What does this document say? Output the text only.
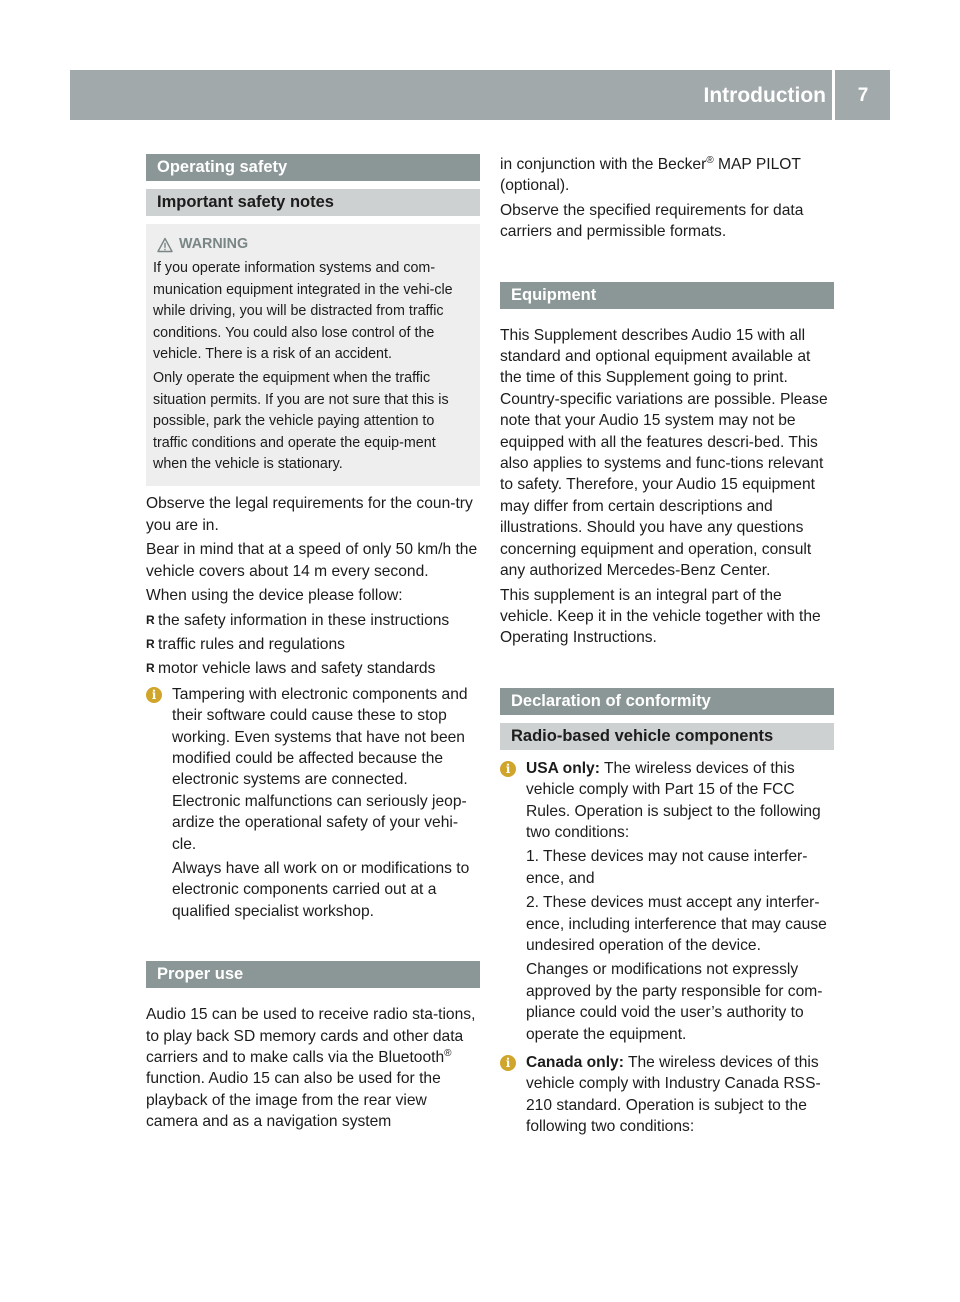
Introduction	7
Operating safety
Important safety notes
WARNING

If you operate information systems and com-munication equipment integrated in the vehi-cle while driving, you will be distracted from traffic conditions. You could also lose control of the vehicle. There is a risk of an accident.

Only operate the equipment when the traffic situation permits. If you are not sure that this is possible, park the vehicle paying attention to traffic conditions and operate the equip-ment when the vehicle is stationary.

Observe the legal requirements for the coun-try you are in.

Bear in mind that at a speed of only 50 km/h the vehicle covers about 14 m every second.

When using the device please follow:

R the safety information in these instructions
R traffic rules and regulations
R motor vehicle laws and safety standards
i	Tampering with electronic components and their software could cause these to stop working. Even systems that have not been modified could be affected because the electronic systems are connected. Electronic malfunctions can seriously jeop-ardize the operational safety of your vehi-cle.

Always have all work on or modifications to electronic components carried out at a qualified specialist workshop.

Proper use

Audio 15 can be used to receive radio sta-tions, to play back SD memory cards and other data carriers and to make calls via the Bluetooth® function. Audio 15 can also be used for the playback of the image from the rear view camera and as a navigation system

in conjunction with the Becker® MAP PILOT (optional).

Observe the specified requirements for data carriers and permissible formats.

Equipment

This Supplement describes Audio 15 with all standard and optional equipment available at the time of this Supplement going to print. Country-specific variations are possible. Please note that your Audio 15 system may not be equipped with all the features descri-bed. This also applies to systems and func-tions relevant to safety. Therefore, your Audio 15 equipment may differ from certain descriptions and illustrations. Should you have any questions concerning equipment and operation, consult any authorized Mercedes-Benz Center.

This supplement is an integral part of the vehicle. Keep it in the vehicle together with the Operating Instructions.

Declaration of conformity
Radio-based vehicle components
i	USA only: The wireless devices of this vehicle comply with Part 15 of the FCC Rules. Operation is subject to the following two conditions:

1. These devices may not cause interfer-ence, and

2. These devices must accept any interfer-ence, including interference that may cause undesired operation of the device.

Changes or modifications not expressly approved by the party responsible for com-pliance could void the user’s authority to operate the equipment.

i	Canada only: The wireless devices of this vehicle comply with Industry Canada RSS-210 standard. Operation is subject to the following two conditions:
